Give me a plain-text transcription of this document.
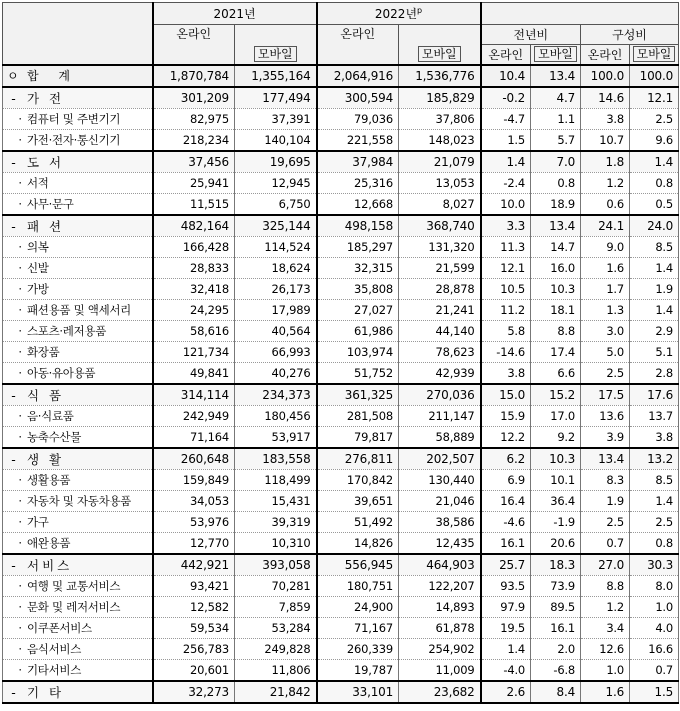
	2021년		2022년$^p$	
	온라인		온라인		전년비		구성비	
		모바일		모바일	온라인	모바일	온라인	모바일
ㅇ합 계	1,870,784	1,355,164	2,064,916	1,536,776	10.4	13.4	100.0	100.0
- 가 전	301,209	177,494	300,594	185,829	-0.2	4.7	14.6	12.1
· 컴퓨터 및 주변기기	82,975	37,391	79,036	37,806	-4.7	1.1	3.8	2.5
· 가전·전자·통신기기	218,234	140,104	221,558	148,023	1.5	5.7	10.7	9.6
- 도 서	37,456	19,695	37,984	21,079	1.4	7.0	1.8	1.4
· 서적	25,941	12,945	25,316	13,053	-2.4	0.8	1.2	0.8
· 사무·문구	11,515	6,750	12,668	8,027	10.0	18.9	0.6	0.5
- 패 션	482,164	325,144	498,158	368,740	3.3	13.4	24.1	24.0
· 의복	166,428	114,524	185,297	131,320	11.3	14.7	9.0	8.5
· 신발	28,833	18,624	32,315	21,599	12.1	16.0	1.6	1.4
· 가방	32,418	26,173	35,808	28,878	10.5	10.3	1.7	1.9
· 패션용품 및 액세서리	24,295	17,989	27,027	21,241	11.2	18.1	1.3	1.4
· 스포츠·레저용품	58,616	40,564	61,986	44,140	5.8	8.8	3.0	2.9
· 화장품	121,734	66,993	103,974	78,623	-14.6	17.4	5.0	5.1
· 아동·유아용품	49,841	40,276	51,752	42,939	3.8	6.6	2.5	2.8
- 식 품	314,114	234,373	361,325	270,036	15.0	15.2	17.5	17.6
· 음·식료품	242,949	180,456	281,508	211,147	15.9	17.0	13.6	13.7
· 농축수산물	71,164	53,917	79,817	58,889	12.2	9.2	3.9	3.8
- 생 활	260,648	183,558	276,811	202,507	6.2	10.3	13.4	13.2
· 생활용품	159,849	118,499	170,842	130,440	6.9	10.1	8.3	8.5
· 자동차 및 자동차용품	34,053	15,431	39,651	21,046	16.4	36.4	1.9	1.4
· 가구	53,976	39,319	51,492	38,586	-4.6	-1.9	2.5	2.5
· 애완용품	12,770	10,310	14,826	12,435	16.1	20.6	0.7	0.8
- 서비스	442,921	393,058	556,945	464,903	25.7	18.3	27.0	30.3
· 여행 및 교통서비스	93,421	70,281	180,751	122,207	93.5	73.9	8.8	8.0
· 문화 및 레저서비스	12,582	7,859	24,900	14,893	97.9	89.5	1.2	1.0
· 이쿠폰서비스	59,534	53,284	71,167	61,878	19.5	16.1	3.4	4.0
· 음식서비스	256,783	249,828	260,339	254,902	1.4	2.0	12.6	16.6
· 기타서비스	20,601	11,806	19,787	11,009	-4.0	-6.8	1.0	0.7
- 기 타	32,273	21,842	33,101	23,682	2.6	8.4	1.6	1.5
